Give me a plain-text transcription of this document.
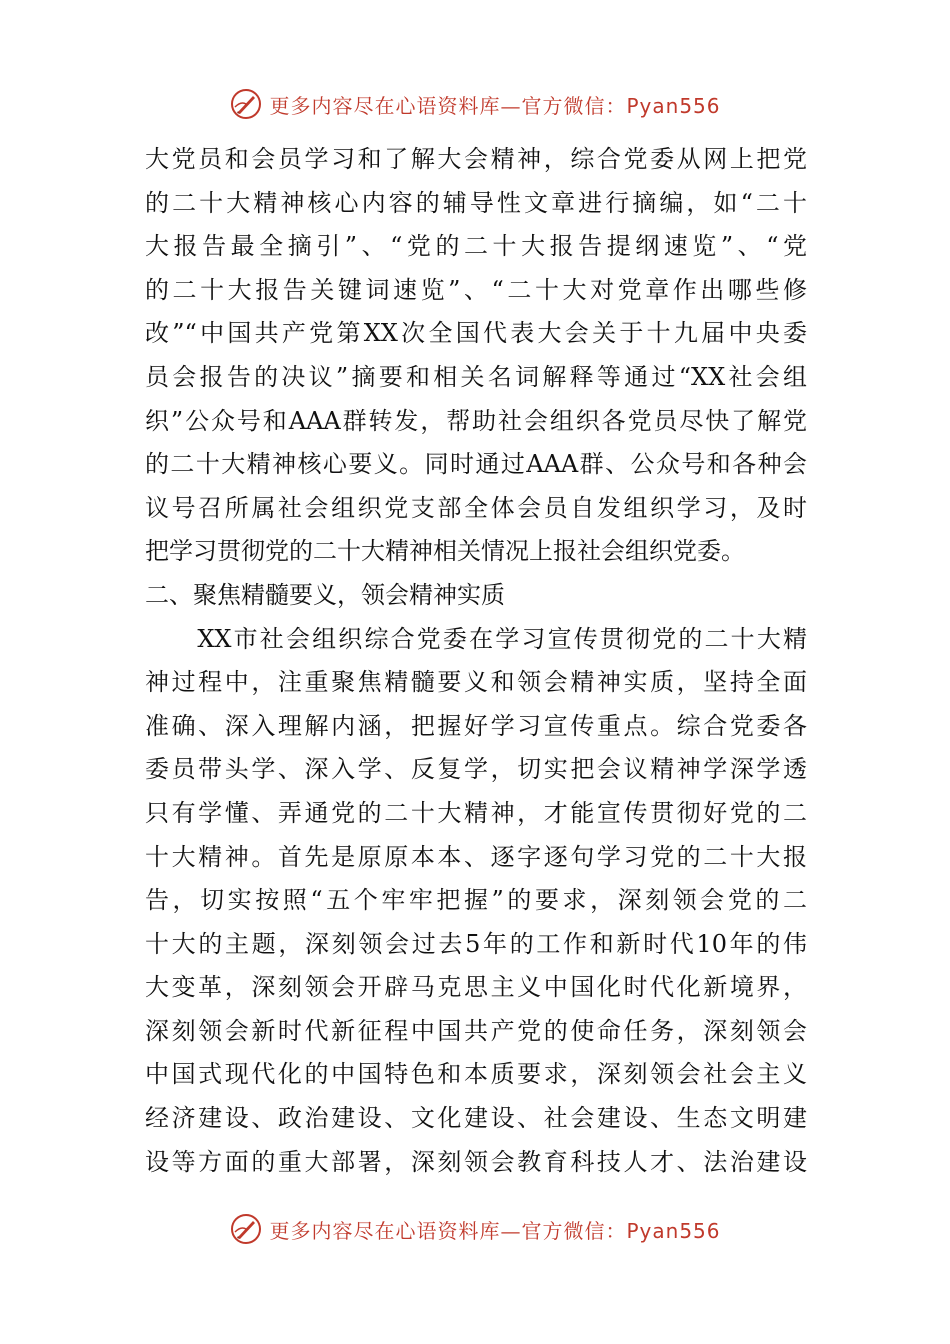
更多内容尽在心语资料库—官方微信：Pyan556
大党员和会员学习和了解大会精神，综合党委从网上把党
的二十大精神核心内容的辅导性文章进行摘编，如“二十
大报告最全摘引”、“党的二十大报告提纲速览”、“党
的二十大报告关键词速览”、“二十大对党章作出哪些修
改”“中国共产党第XX次全国代表大会关于十九届中央委
员会报告的决议”摘要和相关名词解释等通过“XX社会组
织”公众号和AAA群转发，帮助社会组织各党员尽快了解党
的二十大精神核心要义。同时通过AAA群、公众号和各种会
议号召所属社会组织党支部全体会员自发组织学习，及时
把学习贯彻党的二十大精神相关情况上报社会组织党委。
二、聚焦精髓要义，领会精神实质
　　XX市社会组织综合党委在学习宣传贯彻党的二十大精
神过程中，注重聚焦精髓要义和领会精神实质，坚持全面
准确、深入理解内涵，把握好学习宣传重点。综合党委各
委员带头学、深入学、反复学，切实把会议精神学深学透
只有学懂、弄通党的二十大精神，才能宣传贯彻好党的二
十大精神。首先是原原本本、逐字逐句学习党的二十大报
告，切实按照“五个牢牢把握”的要求，深刻领会党的二
十大的主题，深刻领会过去5年的工作和新时代10年的伟
大变革，深刻领会开辟马克思主义中国化时代化新境界，
深刻领会新时代新征程中国共产党的使命任务，深刻领会
中国式现代化的中国特色和本质要求，深刻领会社会主义
经济建设、政治建设、文化建设、社会建设、生态文明建
设等方面的重大部署，深刻领会教育科技人才、法治建设
更多内容尽在心语资料库—官方微信：Pyan556
